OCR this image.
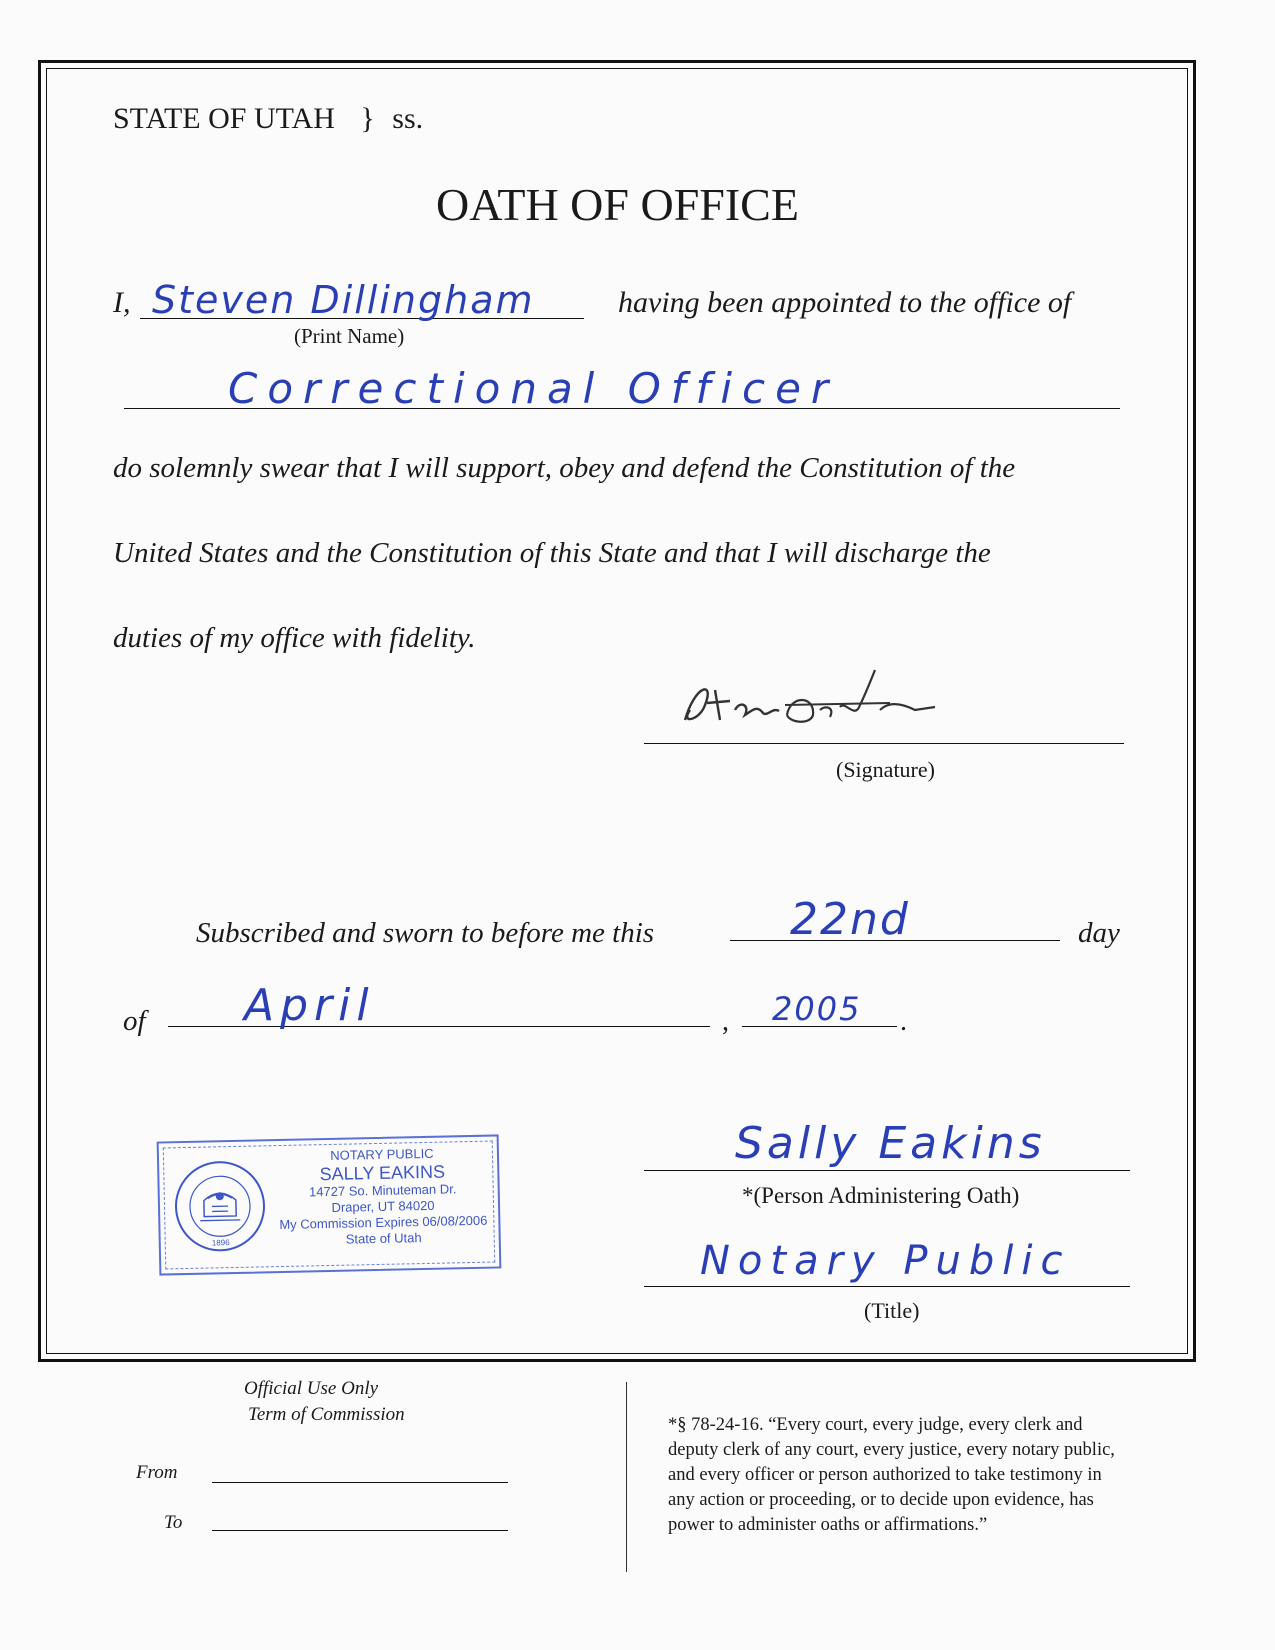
STATE OF UTAH } ss.
OATH OF OFFICE
I, Steven Dillingham
(Print Name)
having been appointed to the office of
Correctional Officer
do solemnly swear that I will support, obey and defend the Constitution of the
United States and the Constitution of this State and that I will discharge the
duties of my office with fidelity.
(Signature)
Subscribed and sworn to before me this	22nd	day
of April	, 2005 .
1896
NOTARY PUBLIC
SALLY EAKINS
14727 So. Minuteman Dr.
Draper, UT 84020
My Commission Expires 06/08/2006
State of Utah
Sally Eakins
*(Person Administering Oath)
Notary Public
(Title)
Official Use Only
Term of Commission
From
To
*§ 78-24-16. “Every court, every judge, every clerk and
deputy clerk of any court, every justice, every notary public,
and every officer or person authorized to take testimony in
any action or proceeding, or to decide upon evidence, has
power to administer oaths or affirmations.”
